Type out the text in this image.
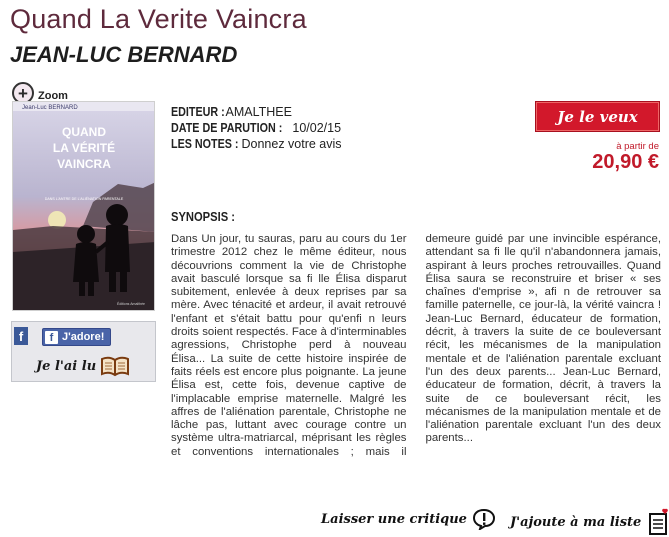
Quand La Verite Vaincra
JEAN-LUC BERNARD
+ Zoom
Jean-Luc BERNARD
QUAND
LA VÉRITÉ
VAINCRA
DANS L'ANTRE DE L'ALIÉNATION PARENTALE
Éditions Amalthée
f	f J'adore!
Je l'ai lu
EDITEUR :AMALTHEE
DATE DE PARUTION :10/02/15
LES NOTES :Donnez votre avis
Je le veux
à partir de
20,90 €
SYNOPSIS :

Dans Un jour, tu sauras, paru au cours du 1er trimestre 2012 chez le même éditeur, nous découvrions comment la vie de Christophe avait basculé lorsque sa fi lle Élisa disparut subitement, enlevée à deux reprises par sa mère. Avec ténacité et ardeur, il avait retrouvé l'enfant et s'était battu pour qu'enfi n leurs droits soient respectés. Face à d'interminables agressions, Christophe perd à nouveau Élisa... La suite de cette histoire inspirée de faits réels est encore plus poignante. La jeune Élisa est, cette fois, devenue captive de l'implacable emprise maternelle. Malgré les affres de l'aliénation parentale, Christophe ne lâche pas, luttant avec courage contre un système ultra-matriarcal, méprisant les règles et conventions internationales ; mais il demeure guidé par une invincible espérance, attendant sa fi lle qu'il n'abandonnera jamais, aspirant à leurs proches retrouvailles. Quand Élisa saura se reconstruire et briser « ses chaînes d'emprise », afi n de retrouver sa famille paternelle, ce jour-là, la vérité vaincra ! Jean-Luc Bernard, éducateur de formation, décrit, à travers la suite de ce bouleversant récit, les mécanismes de la manipulation mentale et de l'aliénation parentale excluant l'un des deux parents... Jean-Luc Bernard, éducateur de formation, décrit, à travers la suite de ce bouleversant récit, les mécanismes de la manipulation mentale et de l'aliénation parentale excluant l'un des deux parents...

Laisser une critique	J'ajoute à ma liste
